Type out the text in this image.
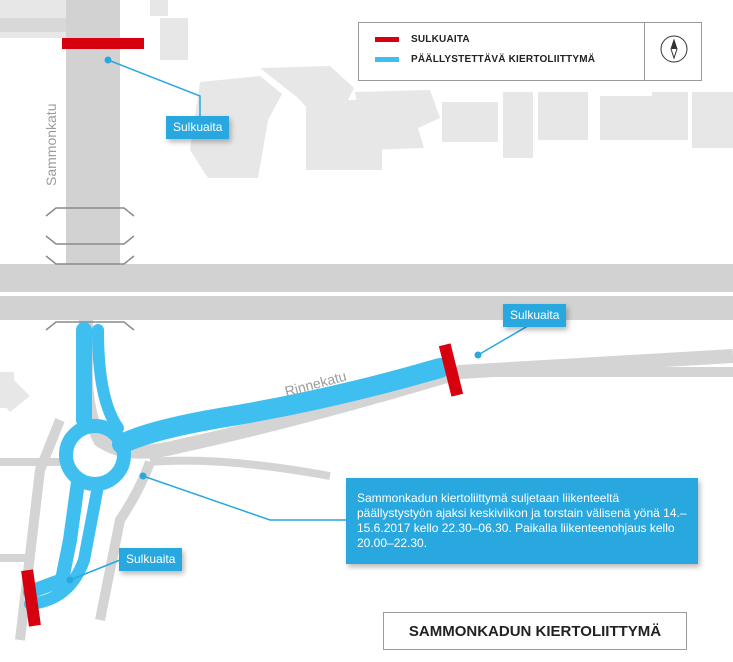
Sammonkatu
Rinnekatu
Sulkuaita
Sulkuaita
Sulkuaita
Sammonkadun kiertoliittymä suljetaan liikenteeltä päällystystyön ajaksi keskiviikon ja torstain välisenä yönä 14.–15.6.2017 kello 22.30–06.30. Paikalla liikenteenohjaus kello 20.00–22.30.
SULKUAITA
PÄÄLLYSTETTÄVÄ KIERTOLIITTYMÄ
SAMMONKADUN KIERTOLIITTYMÄ
